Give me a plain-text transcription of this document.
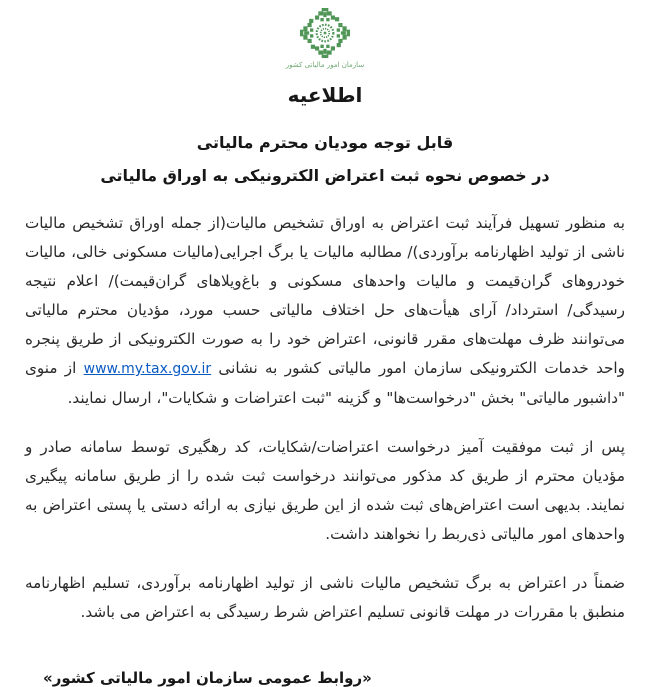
سازمان امور مالیاتی کشور
اطلاعیه
قابل توجه مودیان محترم مالیاتی
در خصوص نحوه ثبت اعتراض الکترونیکی به اوراق مالیاتی

به منظور تسهیل فرآیند ثبت اعتراض به اوراق تشخیص مالیات(از جمله اوراق تشخیص مالیات ناشی از تولید اظهارنامه برآوردی)/ مطالبه مالیات یا برگ اجرایی(مالیات مسکونی خالی، مالیات خودروهای گران‌قیمت و مالیات واحدهای مسکونی و باغ‌ویلاهای گران‌قیمت)/ اعلام نتیجه رسیدگی/ استرداد/ آرای هیأت‌های حل اختلاف مالیاتی حسب مورد، مؤدیان محترم مالیاتی می‌توانند ظرف مهلت‌های مقرر قانونی، اعتراض خود را به صورت الکترونیکی از طریق پنجره واحد خدمات الکترونیکی سازمان امور مالیاتی کشور به نشانی www.my.tax.gov.ir از منوی "داشبور مالیاتی" بخش "درخواست‌ها" و گزینه "ثبت اعتراضات و شکایات"، ارسال نمایند.

پس از ثبت موفقیت آمیز درخواست اعتراضات/شکایات، کد رهگیری توسط سامانه صادر و مؤدیان محترم از طریق کد مذکور می‌توانند درخواست ثبت شده را از طریق سامانه پیگیری نمایند. بدیهی است اعتراض‌های ثبت شده از این طریق نیازی به ارائه دستی یا پستی اعتراض به واحدهای امور مالیاتی ذی‌ربط را نخواهند داشت.

ضمناً در اعتراض به برگ تشخیص مالیات ناشی از تولید اظهارنامه برآوردی، تسلیم اظهارنامه منطبق با مقررات در مهلت قانونی تسلیم اعتراض شرط رسیدگی به اعتراض می باشد.

«روابط عمومی سازمان امور مالیاتی کشور»
